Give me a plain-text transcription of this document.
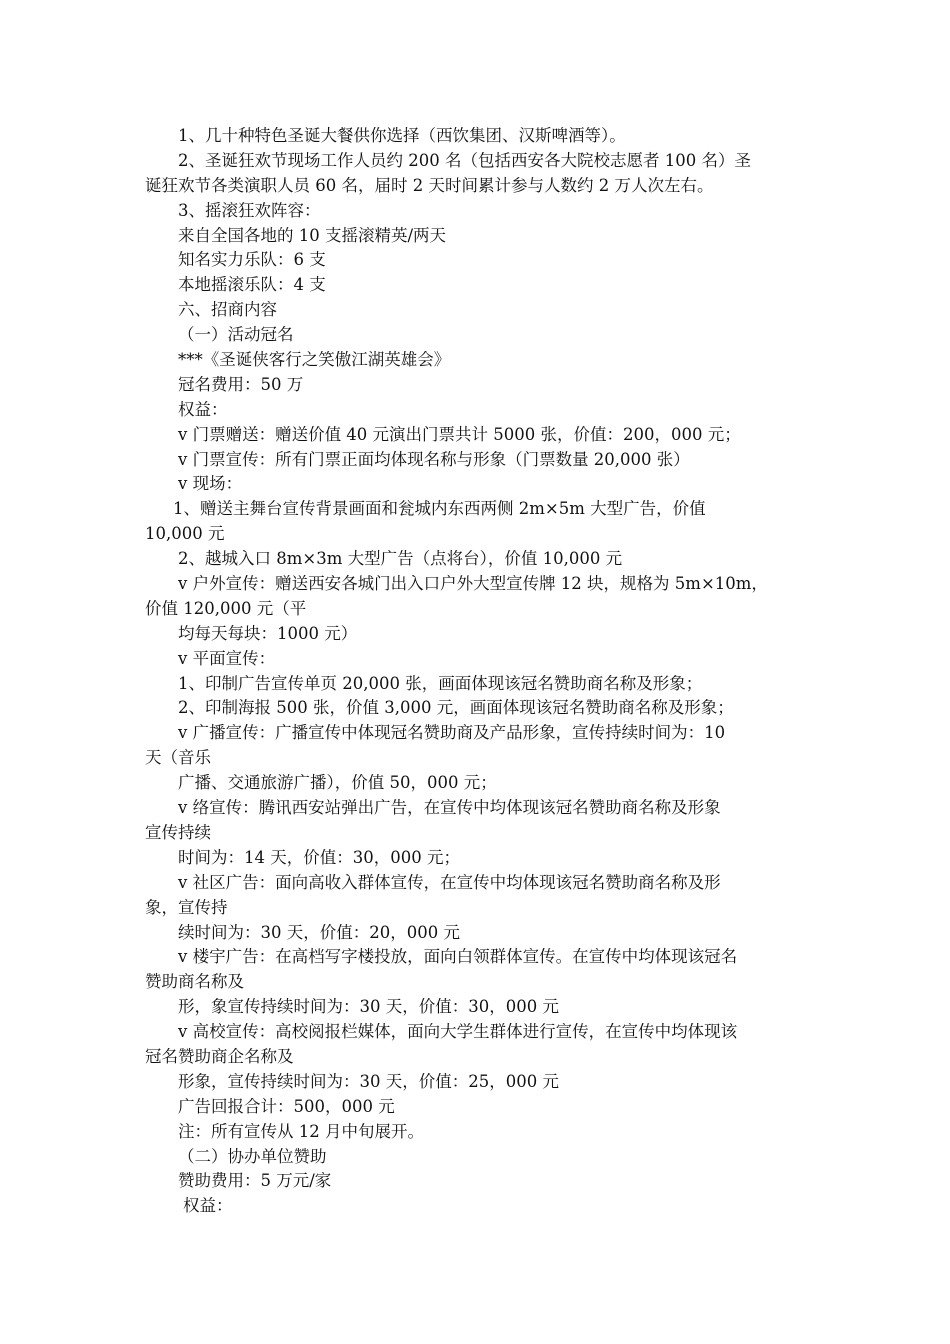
1、几十种特色圣诞大餐供你选择（西饮集团、汉斯啤酒等）。
2、圣诞狂欢节现场工作人员约 200 名（包括西安各大院校志愿者 100 名）圣
诞狂欢节各类演职人员 60 名，届时 2 天时间累计参与人数约 2 万人次左右。
3、摇滚狂欢阵容：
来自全国各地的 10 支摇滚精英/两天
知名实力乐队：6 支
本地摇滚乐队：4 支
六、招商内容
（一）活动冠名
***《圣诞侠客行之笑傲江湖英雄会》
冠名费用：50 万
权益：
v 门票赠送：赠送价值 40 元演出门票共计 5000 张，价值：200，000 元；
v 门票宣传：所有门票正面均体现名称与形象（门票数量 20,000 张）
v 现场：
1、赠送主舞台宣传背景画面和瓮城内东西两侧 2m×5m 大型广告，价值
10,000 元
2、越城入口 8m×3m 大型广告（点将台），价值 10,000 元
v 户外宣传：赠送西安各城门出入口户外大型宣传牌 12 块，规格为 5m×10m，
价值 120,000 元（平
均每天每块：1000 元）
v 平面宣传：
1、印制广告宣传单页 20,000 张，画面体现该冠名赞助商名称及形象；
2、印制海报 500 张，价值 3,000 元，画面体现该冠名赞助商名称及形象；
v 广播宣传：广播宣传中体现冠名赞助商及产品形象，宣传持续时间为：10
天（音乐
广播、交通旅游广播），价值 50，000 元；
v 络宣传：腾讯西安站弹出广告，在宣传中均体现该冠名赞助商名称及形象
宣传持续
时间为：14 天，价值：30，000 元；
v 社区广告：面向高收入群体宣传，在宣传中均体现该冠名赞助商名称及形
象，宣传持
续时间为：30 天，价值：20，000 元
v 楼宇广告：在高档写字楼投放，面向白领群体宣传。在宣传中均体现该冠名
赞助商名称及
形，象宣传持续时间为：30 天，价值：30，000 元
v 高校宣传：高校阅报栏媒体，面向大学生群体进行宣传，在宣传中均体现该
冠名赞助商企名称及
形象，宣传持续时间为：30 天，价值：25，000 元
广告回报合计：500，000 元
注：所有宣传从 12 月中旬展开。
（二）协办单位赞助
赞助费用：5 万元/家
权益：
